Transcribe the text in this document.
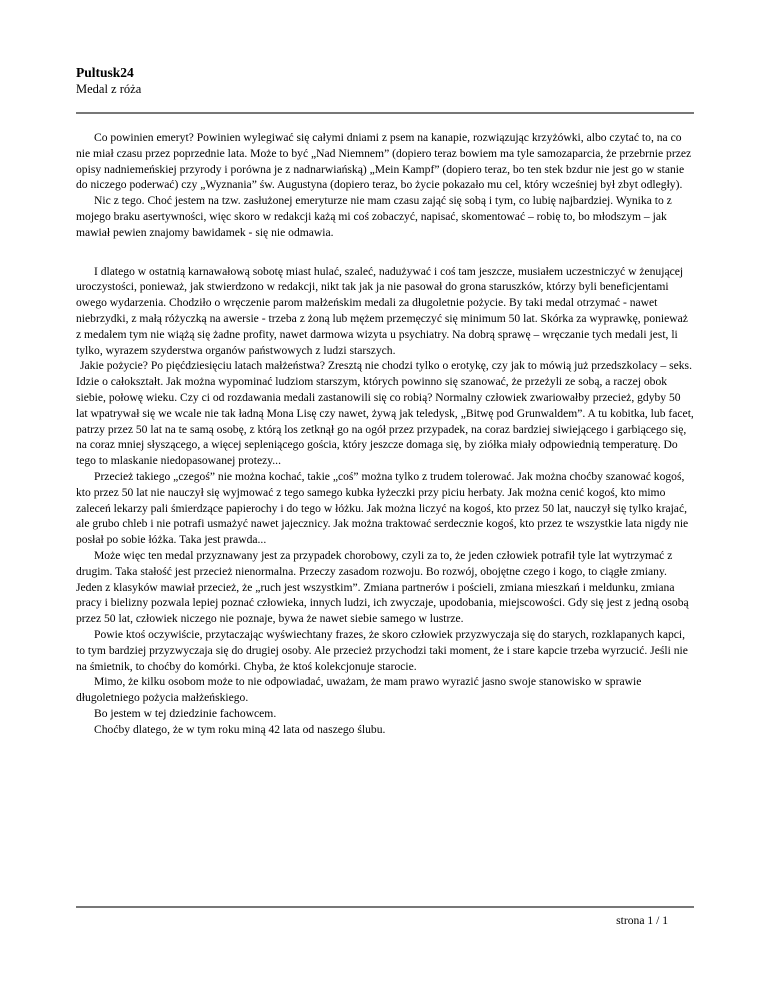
Pultusk24

Medal z róża

Co powinien emeryt? Powinien wylegiwać się całymi dniami z psem na kanapie, rozwiązując krzyżówki, albo czytać to, na co nie miał czasu przez poprzednie lata. Może to być „Nad Niemnem” (dopiero teraz bowiem ma tyle samozaparcia, że przebrnie przez opisy nadniemeńskiej przyrody i porówna je z nadnarwiańską) „Mein Kampf” (dopiero teraz, bo ten stek bzdur nie jest go w stanie do niczego poderwać) czy „Wyznania” św. Augustyna (dopiero teraz, bo życie pokazało mu cel, który wcześniej był zbyt odległy).

Nic z tego. Choć jestem na tzw. zasłużonej emeryturze nie mam czasu zająć się sobą i tym, co lubię najbardziej. Wynika to z mojego braku asertywności, więc skoro w redakcji każą mi coś zobaczyć, napisać, skomentować – robię to, bo młodszym – jak mawiał pewien znajomy bawidamek - się nie odmawia.

I dlatego w ostatnią karnawałową sobotę miast hulać, szaleć, nadużywać i coś tam jeszcze, musiałem uczestniczyć w żenującej uroczystości, ponieważ, jak stwierdzono w redakcji, nikt tak jak ja nie pasował do grona staruszków, którzy byli beneficjentami owego wydarzenia. Chodziło o wręczenie parom małżeńskim medali za długoletnie pożycie. By taki medal otrzymać - nawet niebrzydki, z małą różyczką na awersie - trzeba z żoną lub mężem przemęczyć się minimum 50 lat. Skórka za wyprawkę, ponieważ z medalem tym nie wiążą się żadne profity, nawet darmowa wizyta u psychiatry. Na dobrą sprawę – wręczanie tych medali jest, li tylko, wyrazem szyderstwa organów państwowych z ludzi starszych.

Jakie pożycie? Po pięćdziesięciu latach małżeństwa? Zresztą nie chodzi tylko o erotykę, czy jak to mówią już przedszkolacy – seks. Idzie o całokształt. Jak można wypominać ludziom starszym, których powinno się szanować, że przeżyli ze sobą, a raczej obok siebie, połowę wieku. Czy ci od rozdawania medali zastanowili się co robią? Normalny człowiek zwariowałby przecież, gdyby 50 lat wpatrywał się we wcale nie tak ładną Mona Lisę czy nawet, żywą jak teledysk, „Bitwę pod Grunwaldem”. A tu kobitka, lub facet, patrzy przez 50 lat na te samą osobę, z którą los zetknął go na ogół przez przypadek, na coraz bardziej siwiejącego i garbiącego się, na coraz mniej słyszącego, a więcej sepleniącego gościa, który jeszcze domaga się, by ziółka miały odpowiednią temperaturę. Do tego to mlaskanie niedopasowanej protezy...

Przecież takiego „czegoś” nie można kochać, takie „coś” można tylko z trudem tolerować. Jak można choćby szanować kogoś, kto przez 50 lat nie nauczył się wyjmować z tego samego kubka łyżeczki przy piciu herbaty. Jak można cenić kogoś, kto mimo zaleceń lekarzy pali śmierdzące papierochy i do tego w łóżku. Jak można liczyć na kogoś, kto przez 50 lat, nauczył się tylko krajać, ale grubo chleb i nie potrafi usmażyć nawet jajecznicy. Jak można traktować serdecznie kogoś, kto przez te wszystkie lata nigdy nie posłał po sobie łóżka. Taka jest prawda...

Może więc ten medal przyznawany jest za przypadek chorobowy, czyli za to, że jeden człowiek potrafił tyle lat wytrzymać z drugim. Taka stałość jest przecież nienormalna. Przeczy zasadom rozwoju. Bo rozwój, obojętne czego i kogo, to ciągłe zmiany. Jeden z klasyków mawiał przecież, że „ruch jest wszystkim”. Zmiana partnerów i pościeli, zmiana mieszkań i meldunku, zmiana pracy i bielizny pozwala lepiej poznać człowieka, innych ludzi, ich zwyczaje, upodobania, miejscowości. Gdy się jest z jedną osobą przez 50 lat, człowiek niczego nie poznaje, bywa że nawet siebie samego w lustrze.

Powie ktoś oczywiście, przytaczając wyświechtany frazes, że skoro człowiek przyzwyczaja się do starych, rozklapanych kapci, to tym bardziej przyzwyczaja się do drugiej osoby. Ale przecież przychodzi taki moment, że i stare kapcie trzeba wyrzucić. Jeśli nie na śmietnik, to choćby do komórki. Chyba, że ktoś kolekcjonuje starocie.

Mimo, że kilku osobom może to nie odpowiadać, uważam, że mam prawo wyrazić jasno swoje stanowisko w sprawie długoletniego pożycia małżeńskiego.

Bo jestem w tej dziedzinie fachowcem.

Choćby dlatego, że w tym roku miną 42 lata od naszego ślubu.

strona 1 / 1
